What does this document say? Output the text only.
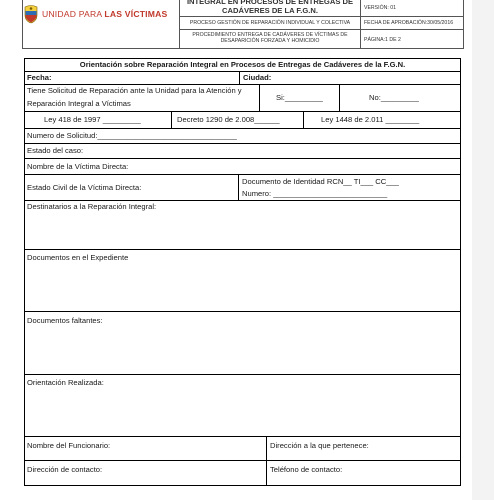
UNIDAD PARA LAS VÍCTIMAS
INTEGRAL EN PROCESOS DE ENTREGAS DE
CADÁVERES DE LA F.G.N.	VERSIÓN: 01
PROCESO GESTIÓN DE REPARACIÓN INDIVIDUAL Y COLECTIVA	FECHA DE APROBACIÓN:30/05/2016
PROCEDIMIENTO ENTREGA DE CADÁVERES DE VÍCTIMAS DE
DESAPARICIÓN FORZADA Y HOMICIDIO	PÁGINA:1 DE 2
Orientación sobre Reparación Integral en Procesos de Entregas de Cadáveres de la F.G.N.
Fecha:	Ciudad:
Tiene Solicitud de Reparación ante la Unidad para la Atención y
Reparación Integral a Víctimas
Si:_________	No:_________
Ley 418 de 1997 _________	Decreto 1290 de 2.008______	Ley 1448 de 2.011 ________
Numero de Solicitud:_________________________________
Estado del caso:
Nombre de la Víctima Directa:
Estado Civil de la Víctima Directa:
Documento de Identidad RCN__ TI___ CC___
Numero: ___________________________
Destinatarios a la Reparación Integral:
Documentos en el Expediente
Documentos faltantes:
Orientación Realizada:
Nombre del Funcionario:	Dirección a la que pertenece:
Dirección de contacto:	Teléfono de contacto:
